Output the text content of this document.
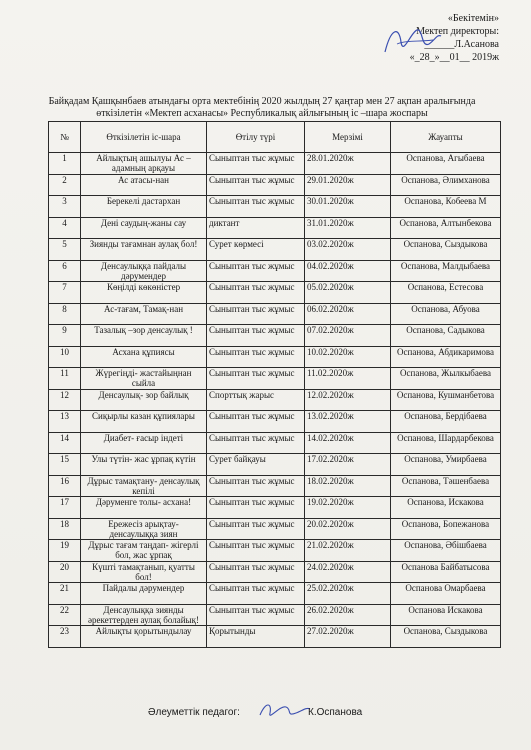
«Бекітемін»
Мектеп директоры:
______Л.Асанова
«_28_»__01__ 2019ж
Байқадам Қашқынбаев атындағы орта мектебінің 2020 жылдың 27 қаңтар мен 27 ақпан аралығында
өткізілетін «Мектеп асханасы» Республикалық айлығының іс –шара жоспары
№	Өткізілетін іс-шара	Өтілу түрі	Мерзімі	Жауапты
1	Айлықтың ашылуы Ас –адамның арқауы	Сыныптан тыс жұмыс	28.01.2020ж	Оспанова, Агыбаева
2	Ас атасы-нан	Сыныптан тыс жұмыс	29.01.2020ж	Оспанова, Әлимханова
3	Берекелі дастархан	Сыныптан тыс жұмыс	30.01.2020ж	Оспанова, Кобеева М
4	Дені саудың-жаны сау	диктант	31.01.2020ж	Оспанова, Алтынбекова
5	Зиянды тағамнан аулақ бол!	Сурет көрмесі	03.02.2020ж	Оспанова, Сыздыкова
6	Денсаулыққа пайдалы дәрумендер	Сыныптан тыс жұмыс	04.02.2020ж	Оспанова, Малдыбаева
7	Көңілді көкөністер	Сыныптан тыс жұмыс	05.02.2020ж	Оспанова, Естесова
8	Ас-тағам, Тамақ-нан	Сыныптан тыс жұмыс	06.02.2020ж	Оспанова, Абуова
9	Тазалық –зор денсаулық !	Сыныптан тыс жұмыс	07.02.2020ж	Оспанова, Садыкова
10	Асхана құпиясы	Сыныптан тыс жұмыс	10.02.2020ж	Оспанова, Абдикаримова
11	Жүрегіңді- жастайыңнан сыйла	Сыныптан тыс жұмыс	11.02.2020ж	Оспанова, Жылкыбаева
12	Денсаулық- зор байлық	Спорттық жарыс	12.02.2020ж	Оспанова, Кушманбетова
13	Сиқырлы казан құпиялары	Сыныптан тыс жұмыс	13.02.2020ж	Оспанова, Бердібаева
14	Диабет- ғасыр індеті	Сыныптан тыс жұмыс	14.02.2020ж	Оспанова, Шардарбекова
15	Улы түтін- жас ұрпақ күтін	Сурет байқауы	17.02.2020ж	Оспанова, Умирбаева
16	Дұрыс тамақтану- денсаулық кепілі	Сыныптан тыс жұмыс	18.02.2020ж	Оспанова, Тәшенбаева
17	Дәруменге толы- асхана!	Сыныптан тыс жұмыс	19.02.2020ж	Оспанова, Искакова
18	Ережесіз арықтау- денсаулыққа зиян	Сыныптан тыс жұмыс	20.02.2020ж	Оспанова, Бопежанова
19	Дұрыс тағам таңдап- жігерлі бол, жас ұрпақ	Сыныптан тыс жұмыс	21.02.2020ж	Оспанова, Әбішбаева
20	Күшті тамақтанып, қуатты бол!	Сыныптан тыс жұмыс	24.02.2020ж	Оспанова Байбатысова
21	Пайдалы дәрумендер	Сыныптан тыс жұмыс	25.02.2020ж	Оспанова Омарбаева
22	Денсаулыққа зиянды әрекеттерден аулақ болайық!	Сыныптан тыс жұмыс	26.02.2020ж	Оспанова Искакова
23	Айлықты қорытындылау	Қорытынды	27.02.2020ж	Оспанова, Сыздыкова
Әлеуметтік педагог:	К.Оспанова
